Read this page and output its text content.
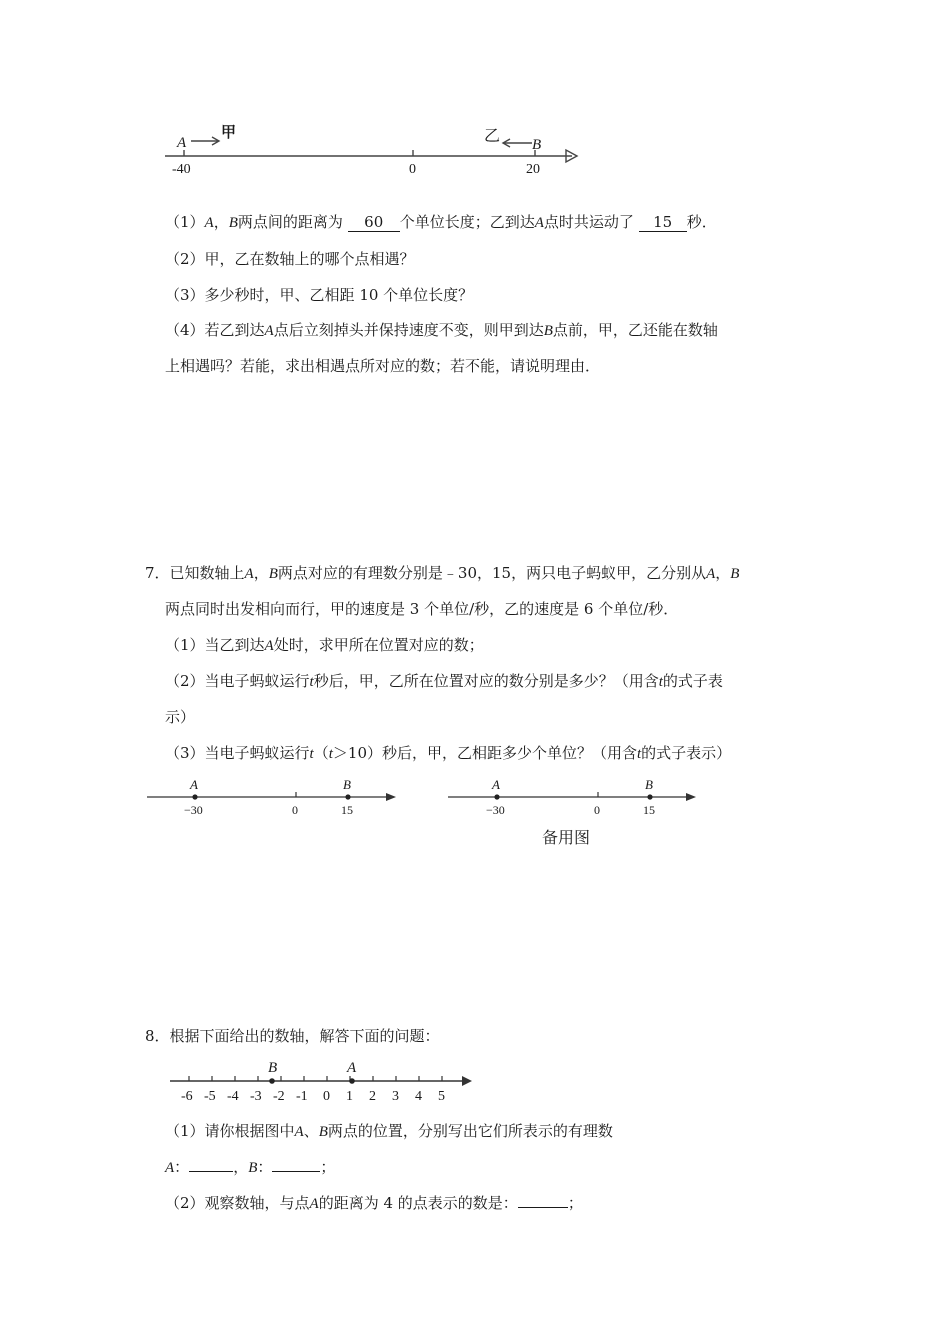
A
甲	乙 B
-40	0	20
（1）A，B两点间的距离为 60 个单位长度；乙到达A点时共运动了 15 秒．
（2）甲，乙在数轴上的哪个点相遇？
（3）多少秒时，甲、乙相距 10 个单位长度？
（4）若乙到达A点后立刻掉头并保持速度不变，则甲到达B点前，甲，乙还能在数轴
上相遇吗？若能，求出相遇点所对应的数；若不能，请说明理由．
7．已知数轴上A，B两点对应的有理数分别是﹣30，15，两只电子蚂蚁甲，乙分别从A，B
两点同时出发相向而行，甲的速度是 3 个单位/秒，乙的速度是 6 个单位/秒．
（1）当乙到达A处时，求甲所在位置对应的数；
（2）当电子蚂蚁运行t秒后，甲，乙所在位置对应的数分别是多少？（用含t的式子表
示）
（3）当电子蚂蚁运行t（t＞10）秒后，甲，乙相距多少个单位？（用含t的式子表示）
A	B
−30	0	15
A	B
−30	0	15
备用图
8．根据下面给出的数轴，解答下面的问题：
B	A
-6 -5 -4 -3 -2 -1 0 1 2 3 4 5
（1）请你根据图中A、B两点的位置，分别写出它们所表示的有理数
A：	，B：	；
（2）观察数轴，与点A的距离为 4 的点表示的数是：	；
